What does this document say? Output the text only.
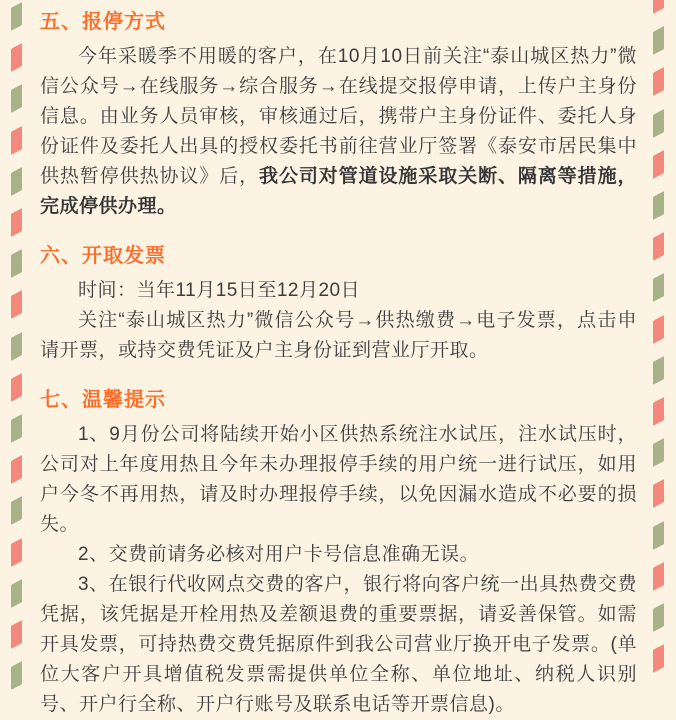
五、报停方式

今年采暖季不用暖的客户，在10月10日前关注“泰山城区热力”微信公众号→在线服务→综合服务→在线提交报停申请，上传户主身份信息。由业务人员审核，审核通过后，携带户主身份证件、委托人身份证件及委托人出具的授权委托书前往营业厅签署《泰安市居民集中供热暂停供热协议》后，我公司对管道设施采取关断、隔离等措施，完成停供办理。

六、开取发票

时间：当年11月15日至12月20日

关注“泰山城区热力”微信公众号→供热缴费→电子发票，点击申请开票，或持交费凭证及户主身份证到营业厅开取。

七、温馨提示

1、9月份公司将陆续开始小区供热系统注水试压，注水试压时，公司对上年度用热且今年未办理报停手续的用户统一进行试压，如用户今冬不再用热，请及时办理报停手续，以免因漏水造成不必要的损失。

2、交费前请务必核对用户卡号信息准确无误。

3、在银行代收网点交费的客户，银行将向客户统一出具热费交费凭据，该凭据是开栓用热及差额退费的重要票据，请妥善保管。如需开具发票，可持热费交费凭据原件到我公司营业厅换开电子发票。(单位大客户开具增值税发票需提供单位全称、单位地址、纳税人识别号、开户行全称、开户行账号及联系电话等开票信息)。
